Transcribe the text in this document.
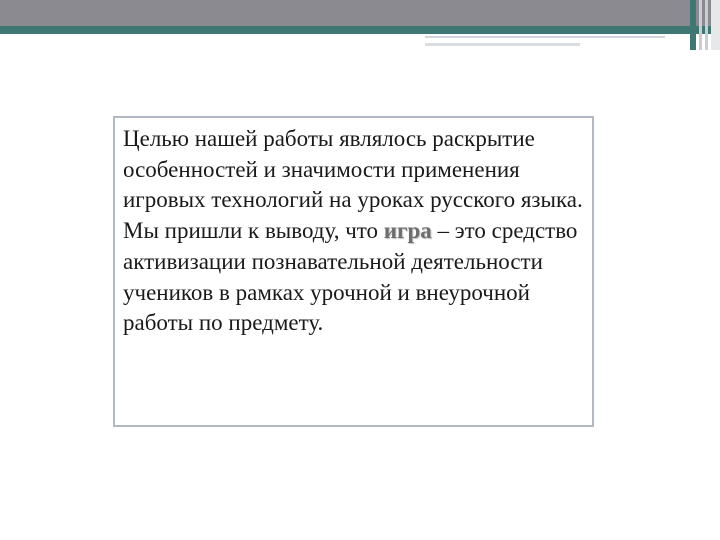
Целью нашей работы являлось раскрытие особенностей и значимости применения игровых технологий на уроках русского языка. Мы пришли к выводу, что игра – это средство активизации познавательной деятельности учеников в рамках урочной и внеурочной работы по предмету.
